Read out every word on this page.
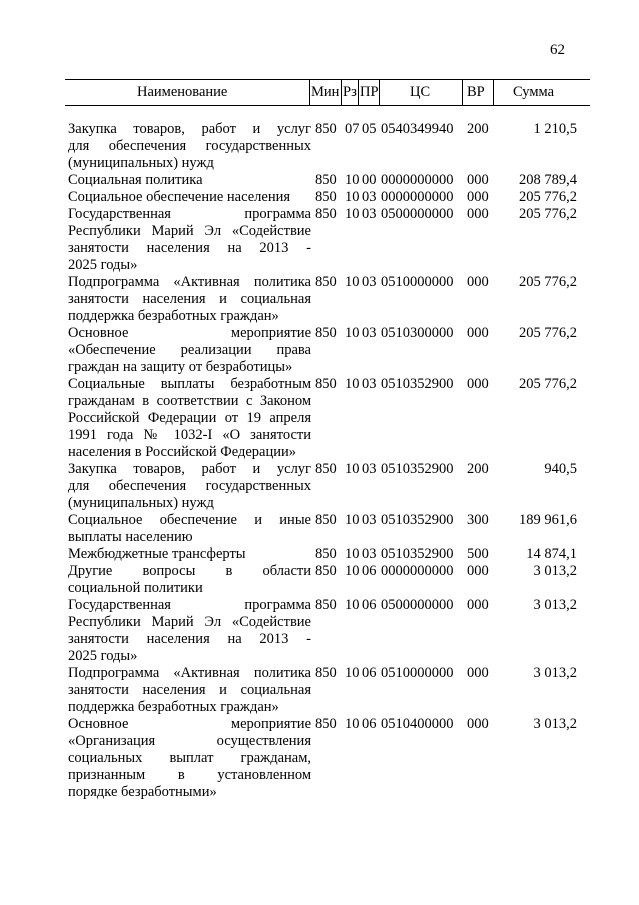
62
Наименование	Мин Рз ПР ЦС	ВР Сумма
Закупка товаров, работ и услуг
для обеспечения государственных
(муниципальных) нужд
850 07 05 0540349940 200	1 210,5
Социальная политика	850 10 00 0000000000 000	208 789,4
Социальное обеспечение населения	850 10 03 0000000000 000	205 776,2
Государственная программа
Республики Марий Эл «Содействие
занятости населения на 2013 -
2025 годы»
850 10 03 0500000000 000	205 776,2
Подпрограмма «Активная политика
занятости населения и социальная
поддержка безработных граждан»
850 10 03 0510000000 000	205 776,2
Основное мероприятие
«Обеспечение реализации права
граждан на защиту от безработицы»
850 10 03 0510300000 000	205 776,2
Социальные выплаты безработным
гражданам в соответствии с Законом
Российской Федерации от 19 апреля
1991 года № 1032-I «О занятости
населения в Российской Федерации»
850 10 03 0510352900 000	205 776,2
Закупка товаров, работ и услуг
для обеспечения государственных
(муниципальных) нужд
850 10 03 0510352900 200	940,5
Социальное обеспечение и иные
выплаты населению
850 10 03 0510352900 300	189 961,6
Межбюджетные трансферты	850 10 03 0510352900 500	14 874,1
Другие вопросы в области
социальной политики
850 10 06 0000000000 000	3 013,2
Государственная программа
Республики Марий Эл «Содействие
занятости населения на 2013 -
2025 годы»
850 10 06 0500000000 000	3 013,2
Подпрограмма «Активная политика
занятости населения и социальная
поддержка безработных граждан»
850 10 06 0510000000 000	3 013,2
Основное мероприятие
«Организация осуществления
социальных выплат гражданам,
признанным в установленном
порядке безработными»
850 10 06 0510400000 000	3 013,2
